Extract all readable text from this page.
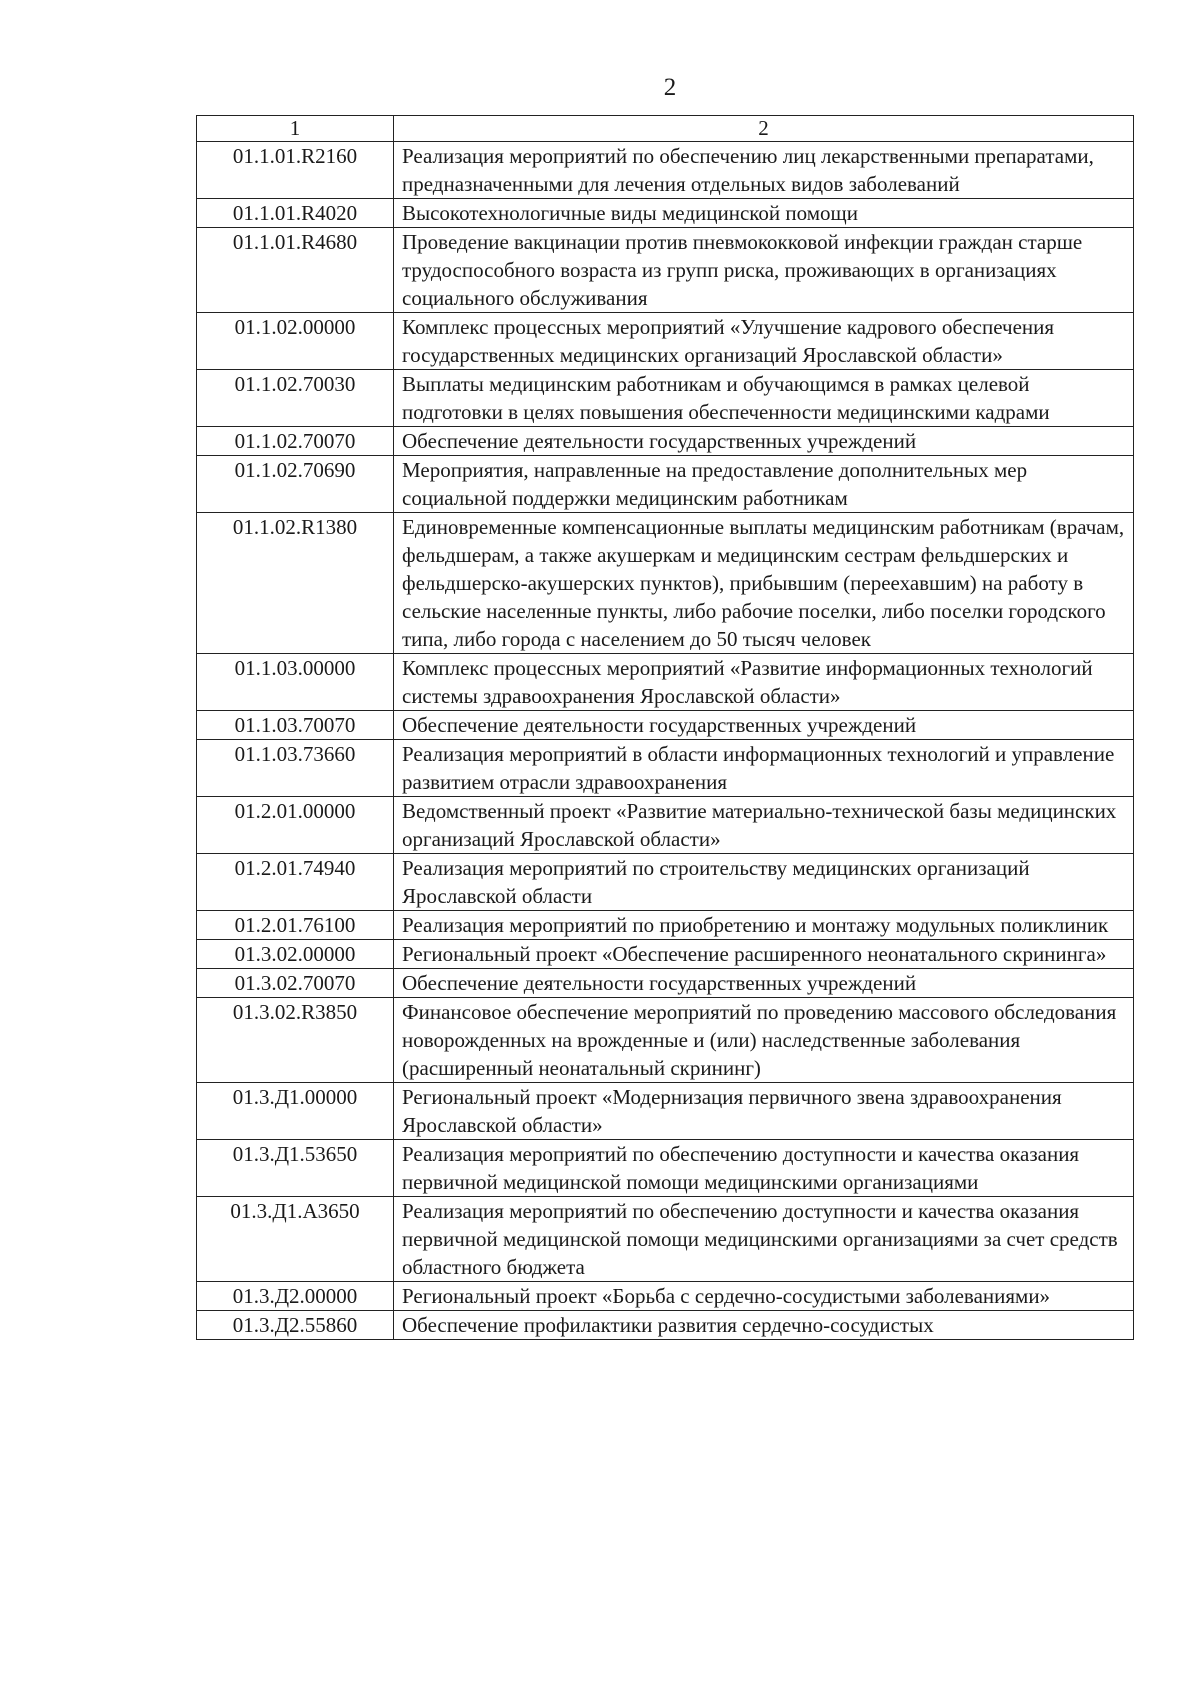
2
1	2
01.1.01.R2160	Реализация мероприятий по обеспечению лиц лекарственными препаратами, предназначенными для лечения отдельных видов заболеваний
01.1.01.R4020	Высокотехнологичные виды медицинской помощи
01.1.01.R4680	Проведение вакцинации против пневмококковой инфекции граждан старше трудоспособного возраста из групп риска, проживающих в организациях социального обслуживания
01.1.02.00000	Комплекс процессных мероприятий «Улучшение кадрового обеспечения государственных медицинских организаций Ярославской области»
01.1.02.70030	Выплаты медицинским работникам и обучающимся в рамках целевой подготовки в целях повышения обеспеченности медицинскими кадрами
01.1.02.70070	Обеспечение деятельности государственных учреждений
01.1.02.70690	Мероприятия, направленные на предоставление дополнительных мер социальной поддержки медицинским работникам
01.1.02.R1380	Единовременные компенсационные выплаты медицинским работникам (врачам, фельдшерам, а также акушеркам и медицинским сестрам фельдшерских и фельдшерско-акушерских пунктов), прибывшим (переехавшим) на работу в сельские населенные пункты, либо рабочие поселки, либо поселки городского типа, либо города с населением до 50 тысяч человек
01.1.03.00000	Комплекс процессных мероприятий «Развитие информационных технологий системы здравоохранения Ярославской области»
01.1.03.70070	Обеспечение деятельности государственных учреждений
01.1.03.73660	Реализация мероприятий в области информационных технологий и управление развитием отрасли здравоохранения
01.2.01.00000	Ведомственный проект «Развитие материально-технической базы медицинских организаций Ярославской области»
01.2.01.74940	Реализация мероприятий по строительству медицинских организаций Ярославской области
01.2.01.76100	Реализация мероприятий по приобретению и монтажу модульных поликлиник
01.3.02.00000	Региональный проект «Обеспечение расширенного неонатального скрининга»
01.3.02.70070	Обеспечение деятельности государственных учреждений
01.3.02.R3850	Финансовое обеспечение мероприятий по проведению массового обследования новорожденных на врожденные и (или) наследственные заболевания (расширенный неонатальный скрининг)
01.3.Д1.00000	Региональный проект «Модернизация первичного звена здравоохранения Ярославской области»
01.3.Д1.53650	Реализация мероприятий по обеспечению доступности и качества оказания первичной медицинской помощи медицинскими организациями
01.3.Д1.А3650	Реализация мероприятий по обеспечению доступности и качества оказания первичной медицинской помощи медицинскими организациями за счет средств областного бюджета
01.3.Д2.00000	Региональный проект «Борьба с сердечно-сосудистыми заболеваниями»
01.3.Д2.55860	Обеспечение профилактики развития сердечно-сосудистых
